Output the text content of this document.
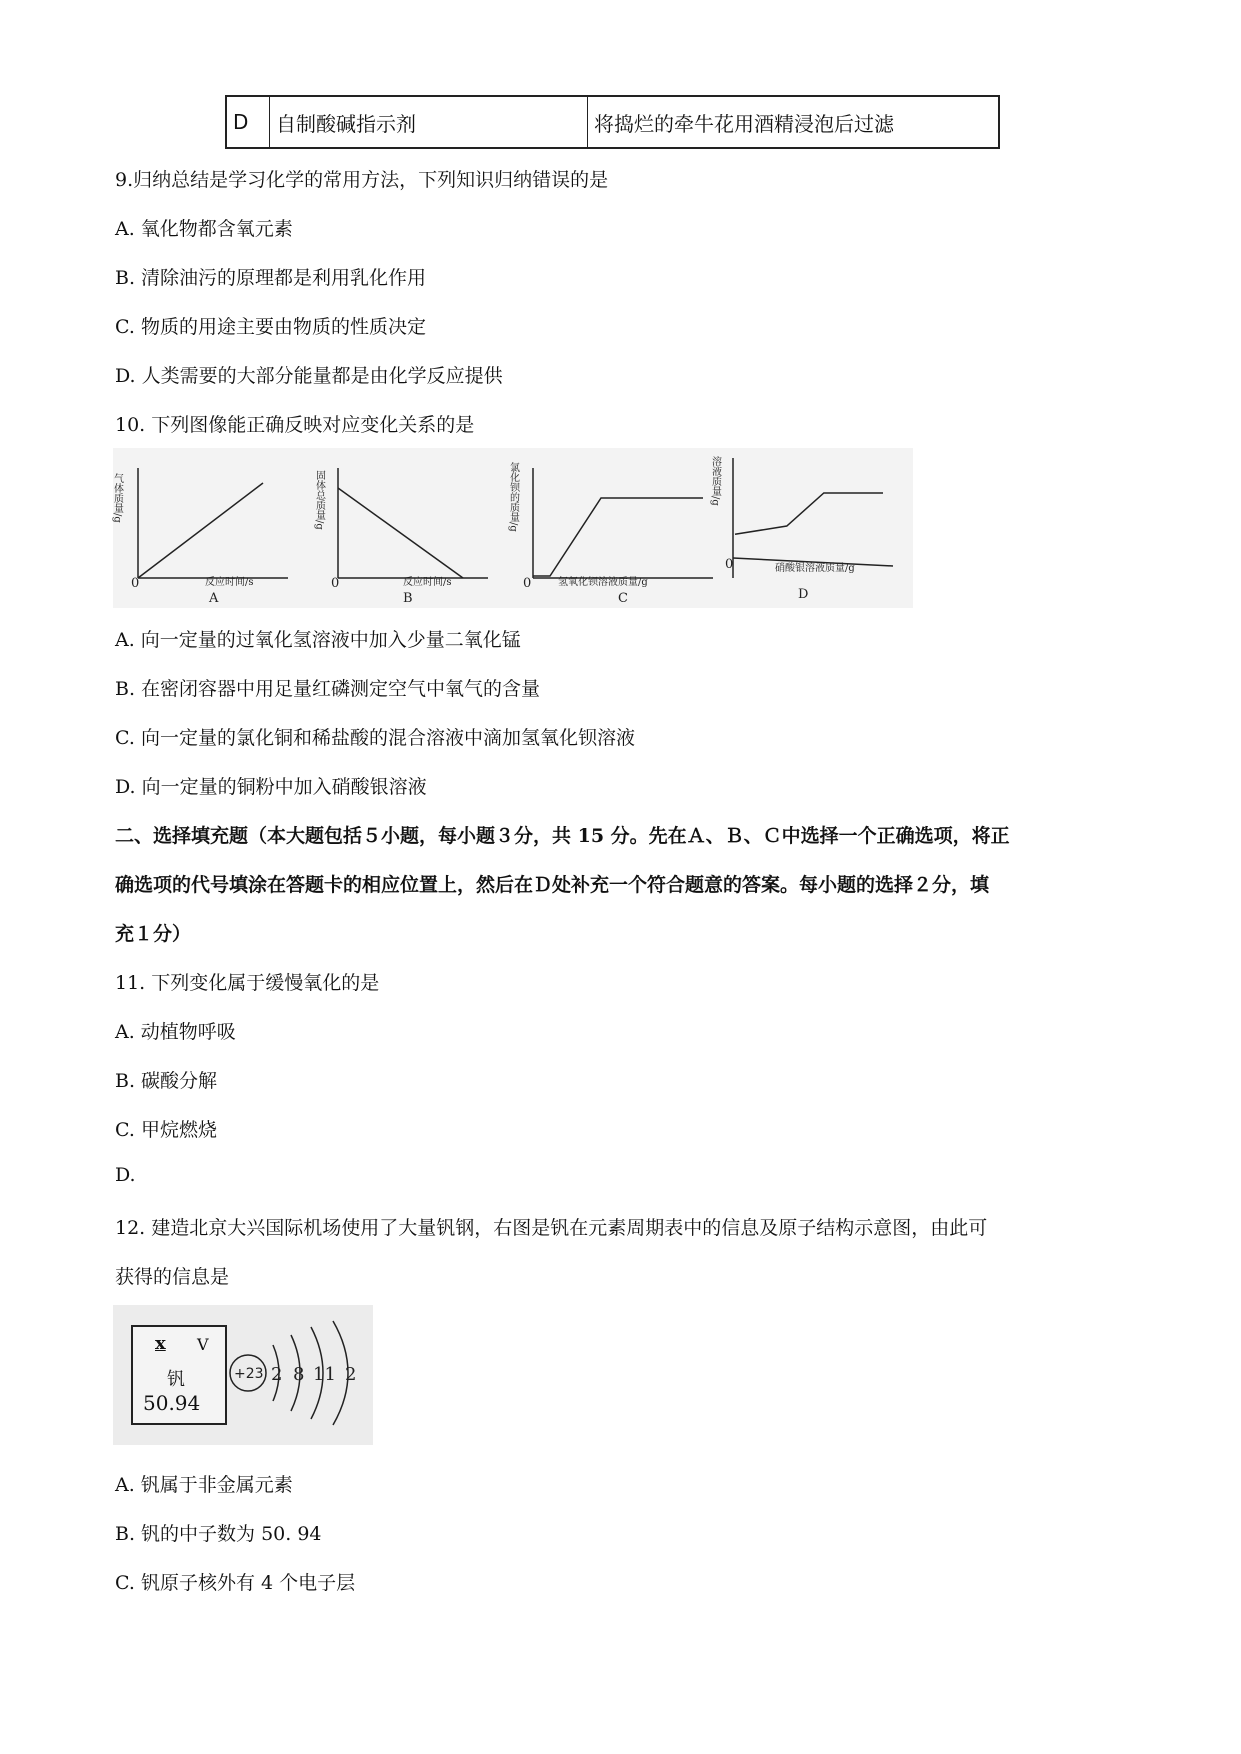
D	自制酸碱指示剂	将捣烂的牵牛花用酒精浸泡后过滤
9.归纳总结是学习化学的常用方法，下列知识归纳错误的是
A. 氧化物都含氧元素
B. 清除油污的原理都是利用乳化作用
C. 物质的用途主要由物质的性质决定
D. 人类需要的大部分能量都是由化学反应提供
10. 下列图像能正确反映对应变化关系的是
气体质量/g
反应时间/s
0
A
固体总质量/g
反应时间/s
0
B
氯化钡的质量/g
氢氧化钡溶液质量/g
0
C
溶液质量/g
硝酸银溶液质量/g
0
D
A. 向一定量的过氧化氢溶液中加入少量二氧化锰
B. 在密闭容器中用足量红磷测定空气中氧气的含量
C. 向一定量的氯化铜和稀盐酸的混合溶液中滴加氢氧化钡溶液
D. 向一定量的铜粉中加入硝酸银溶液
二、选择填充题（本大题包括５小题，每小题３分，共 15 分。先在Ａ、Ｂ、Ｃ中选择一个正确选项，将正
确选项的代号填涂在答题卡的相应位置上，然后在Ｄ处补充一个符合题意的答案。每小题的选择２分，填
充１分）
11. 下列变化属于缓慢氧化的是
A. 动植物呼吸
B. 碳酸分解
C. 甲烷燃烧
D.
12. 建造北京大兴国际机场使用了大量钒钢，右图是钒在元素周期表中的信息及原子结构示意图，由此可
获得的信息是
x V
钒
50.94
+23 2 8 11 2
A. 钒属于非金属元素
B. 钒的中子数为 50. 94
C. 钒原子核外有 4 个电子层
